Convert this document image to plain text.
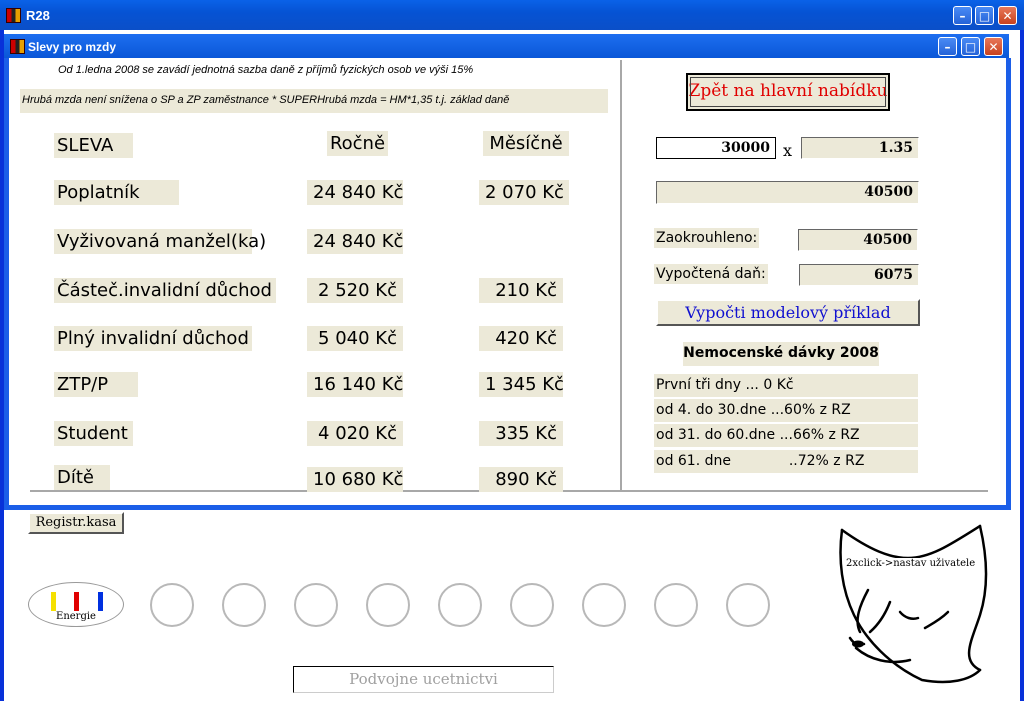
R28	–	□ ✕
Slevy pro mzdy	–	□ ✕
Od 1.ledna 2008 se zavádí jednotná sazba daně z příjmů fyzických osob ve výši 15%
Hrubá mzda není snížena o SP a ZP zaměstnance * SUPERHrubá mzda = HM*1,35 t.j. základ daně
SLEVA	Ročně	Měsíčně
Poplatník	24 840 Kč	2 070 Kč
Vyživovaná manžel(ka)	24 840 Kč
Částeč.invalidní důchod	2 520 Kč	210 Kč
Plný invalidní důchod	5 040 Kč	420 Kč
ZTP/P	16 140 Kč	1 345 Kč
Student	4 020 Kč	335 Kč
Dítě	10 680 Kč	890 Kč
Zpět na hlavní nabídku
30000 x	1.35
40500
Zaokrouhleno:	40500
Vypočtená daň:	6075
Vypočti modelový příklad
Nemocenské dávky 2008
První tři dny ... 0 Kč
od 4. do 30.dne ...60% z RZ
od 31. do 60.dne ...66% z RZ
od 61. dne             ..72% z RZ
Registr.kasa
Energie
2xclick->nastav uživatele
Podvojne ucetnictvi
